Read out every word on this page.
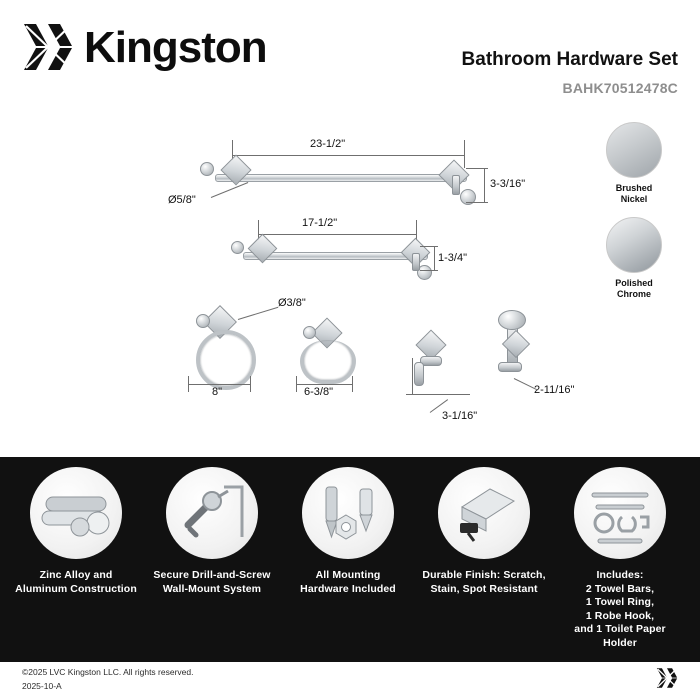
Kingston	Bathroom Hardware Set
BAHK70512478C
Brushed
Nickel
Polished
Chrome
23-1/2"
Ø5/8"
3-3/16"
17-1/2"
1-3/4"
Ø3/8"
8"	6-3/8"
3-1/16"
2-11/16"
Zinc Alloy and
Aluminum Construction
Secure Drill-and-Screw
Wall-Mount System
All Mounting
Hardware Included
Durable Finish: Scratch,
Stain, Spot Resistant
Includes:
2 Towel Bars,
1 Towel Ring,
1 Robe Hook,
and 1 Toilet Paper Holder
©2025 LVC Kingston LLC. All rights reserved.
2025-10-A
